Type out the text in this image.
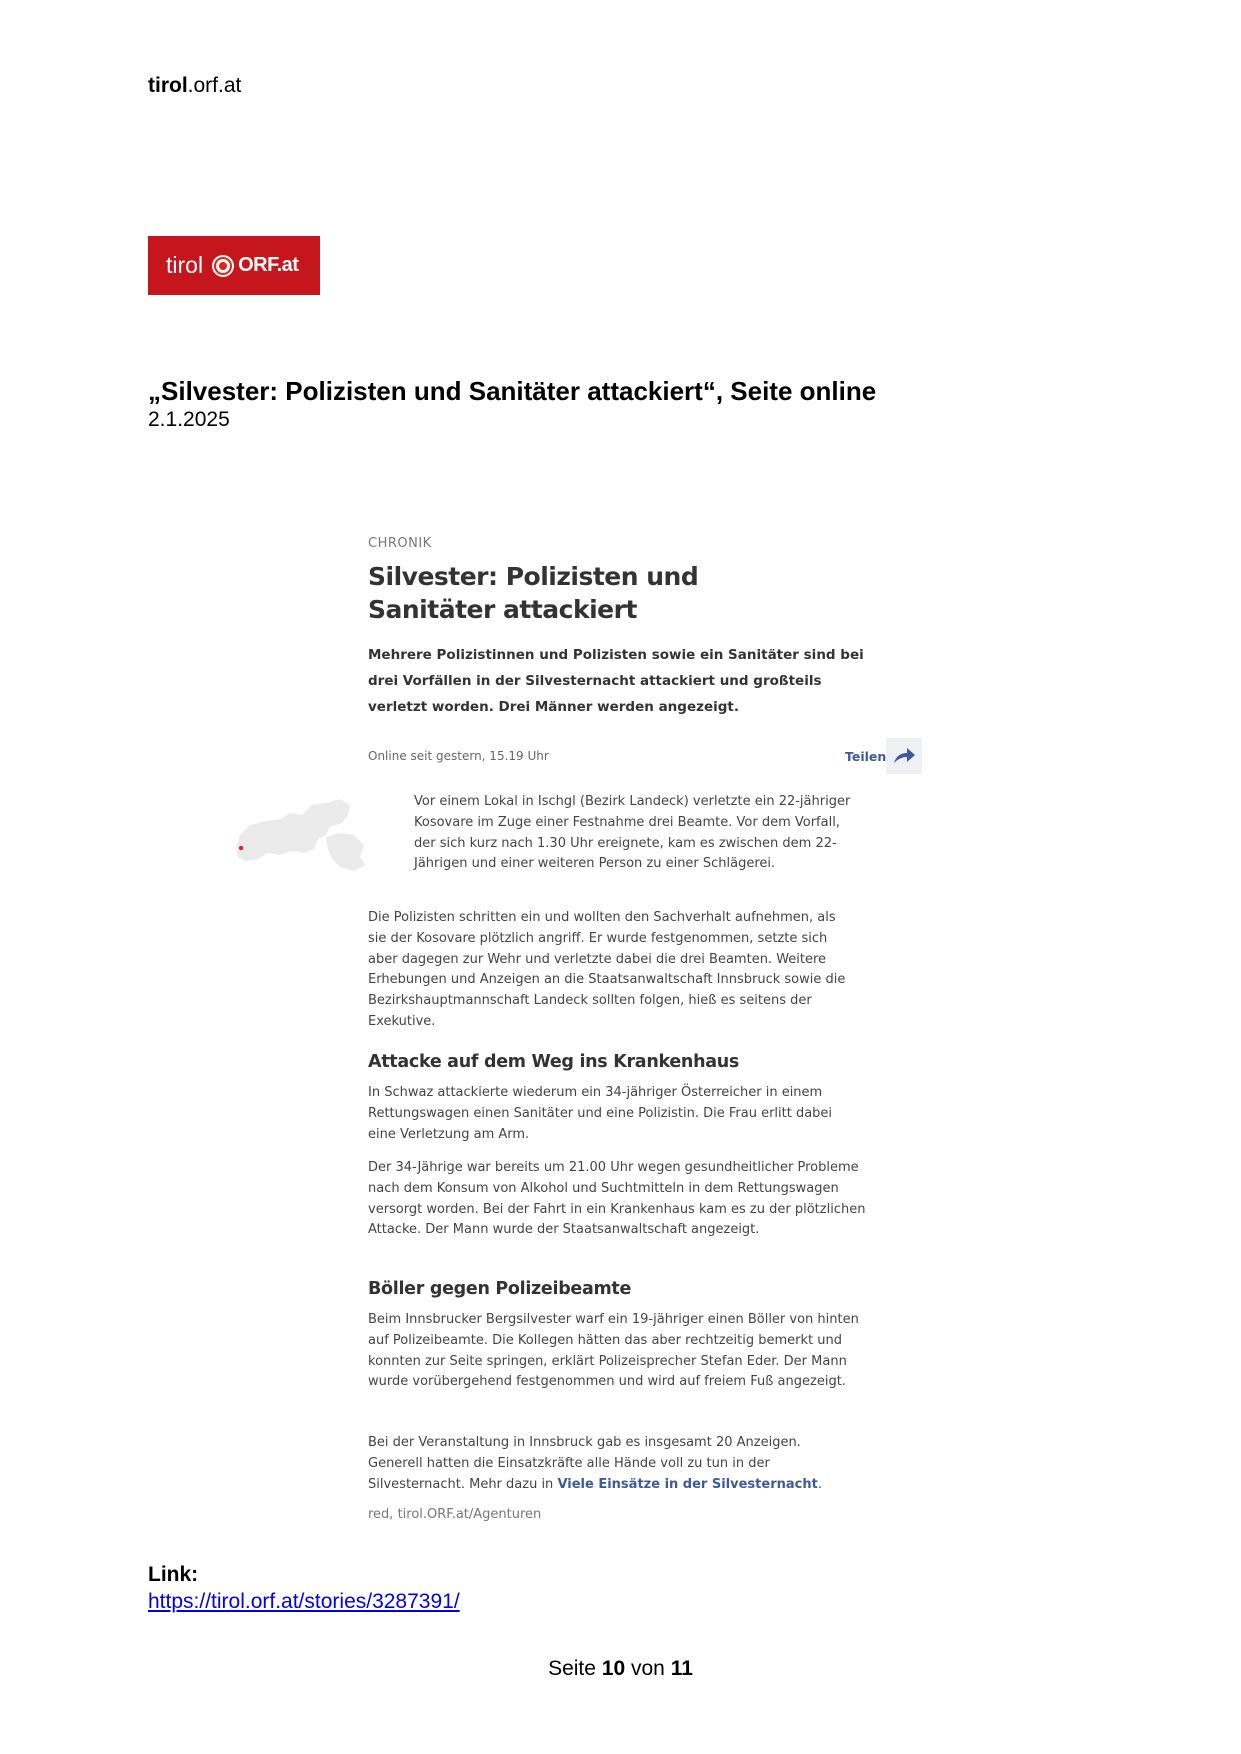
tirol.orf.at
tirol ORF.at
„Silvester: Polizisten und Sanitäter attackiert“, Seite online
2.1.2025
CHRONIK
Silvester: Polizisten und Sanitäter attackiert
Mehrere Polizistinnen und Polizisten sowie ein Sanitäter sind bei drei Vorfällen in der Silvesternacht attackiert und großteils verletzt worden. Drei Männer werden angezeigt.
Online seit gestern, 15.19 Uhr	Teilen
Vor einem Lokal in Ischgl (Bezirk Landeck) verletzte ein 22-jähriger Kosovare im Zuge einer Festnahme drei Beamte. Vor dem Vorfall, der sich kurz nach 1.30 Uhr ereignete, kam es zwischen dem 22-Jährigen und einer weiteren Person zu einer Schlägerei.
Die Polizisten schritten ein und wollten den Sachverhalt aufnehmen, als sie der Kosovare plötzlich angriff. Er wurde festgenommen, setzte sich aber dagegen zur Wehr und verletzte dabei die drei Beamten. Weitere Erhebungen und Anzeigen an die Staatsanwaltschaft Innsbruck sowie die Bezirkshauptmannschaft Landeck sollten folgen, hieß es seitens der Exekutive.
Attacke auf dem Weg ins Krankenhaus
In Schwaz attackierte wiederum ein 34-jähriger Österreicher in einem Rettungswagen einen Sanitäter und eine Polizistin. Die Frau erlitt dabei eine Verletzung am Arm.
Der 34-Jährige war bereits um 21.00 Uhr wegen gesundheitlicher Probleme nach dem Konsum von Alkohol und Suchtmitteln in dem Rettungswagen versorgt worden. Bei der Fahrt in ein Krankenhaus kam es zu der plötzlichen Attacke. Der Mann wurde der Staatsanwaltschaft angezeigt.
Böller gegen Polizeibeamte
Beim Innsbrucker Bergsilvester warf ein 19-jähriger einen Böller von hinten auf Polizeibeamte. Die Kollegen hätten das aber rechtzeitig bemerkt und konnten zur Seite springen, erklärt Polizeisprecher Stefan Eder. Der Mann wurde vorübergehend festgenommen und wird auf freiem Fuß angezeigt.
Bei der Veranstaltung in Innsbruck gab es insgesamt 20 Anzeigen. Generell hatten die Einsatzkräfte alle Hände voll zu tun in der Silvesternacht. Mehr dazu in Viele Einsätze in der Silvesternacht.
red, tirol.ORF.at/Agenturen
Link:
https://tirol.orf.at/stories/3287391/
Seite 10 von 11
